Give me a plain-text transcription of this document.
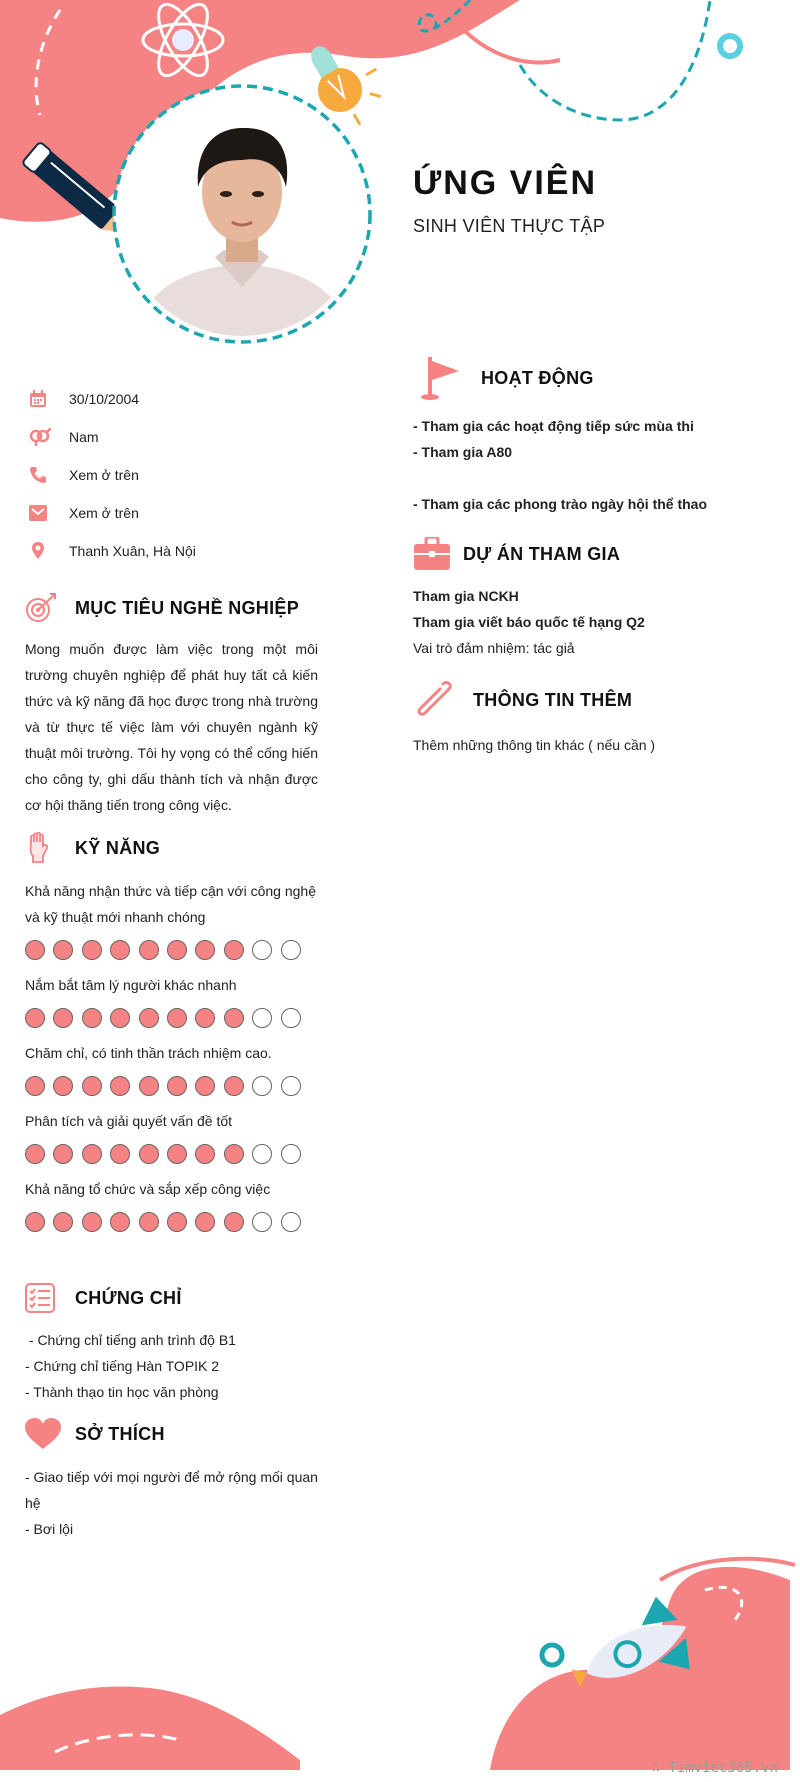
ỨNG VIÊN
SINH VIÊN THỰC TẬP
30/10/2004
Nam
Xem ở trên
Xem ở trên
Thanh Xuân, Hà Nội
MỤC TIÊU NGHỀ NGHIỆP

Mong muốn được làm việc trong một môi trường chuyên nghiệp để phát huy tất cả kiến thức và kỹ năng đã học được trong nhà trường và từ thực tế việc làm với chuyên ngành kỹ thuật môi trường. Tôi hy vọng có thể cống hiến cho công ty, ghi dấu thành tích và nhận được cơ hội thăng tiến trong công việc.

KỸ NĂNG
Khả năng nhận thức và tiếp cận với công nghệ và kỹ thuật mới nhanh chóng
Nắm bắt tâm lý người khác nhanh
Chăm chỉ, có tinh thần trách nhiệm cao.
Phân tích và giải quyết vấn đề tốt
Khả năng tổ chức và sắp xếp công việc
CHỨNG CHỈ
- Chứng chỉ tiếng anh trình độ B1
- Chứng chỉ tiếng Hàn TOPIK 2
- Thành thạo tin học văn phòng
SỞ THÍCH
- Giao tiếp với mọi người để mở rộng mối quan hệ
- Bơi lội
HOẠT ĐỘNG
- Tham gia các hoạt động tiếp sức mùa thi
- Tham gia A80
- Tham gia các phong trào ngày hội thể thao
DỰ ÁN THAM GIA
Tham gia NCKH
Tham gia viết báo quốc tế hạng Q2
Vai trò đảm nhiệm: tác giả
THÔNG TIN THÊM
Thêm những thông tin khác ( nếu cần )
∴ Timviec365.vn
